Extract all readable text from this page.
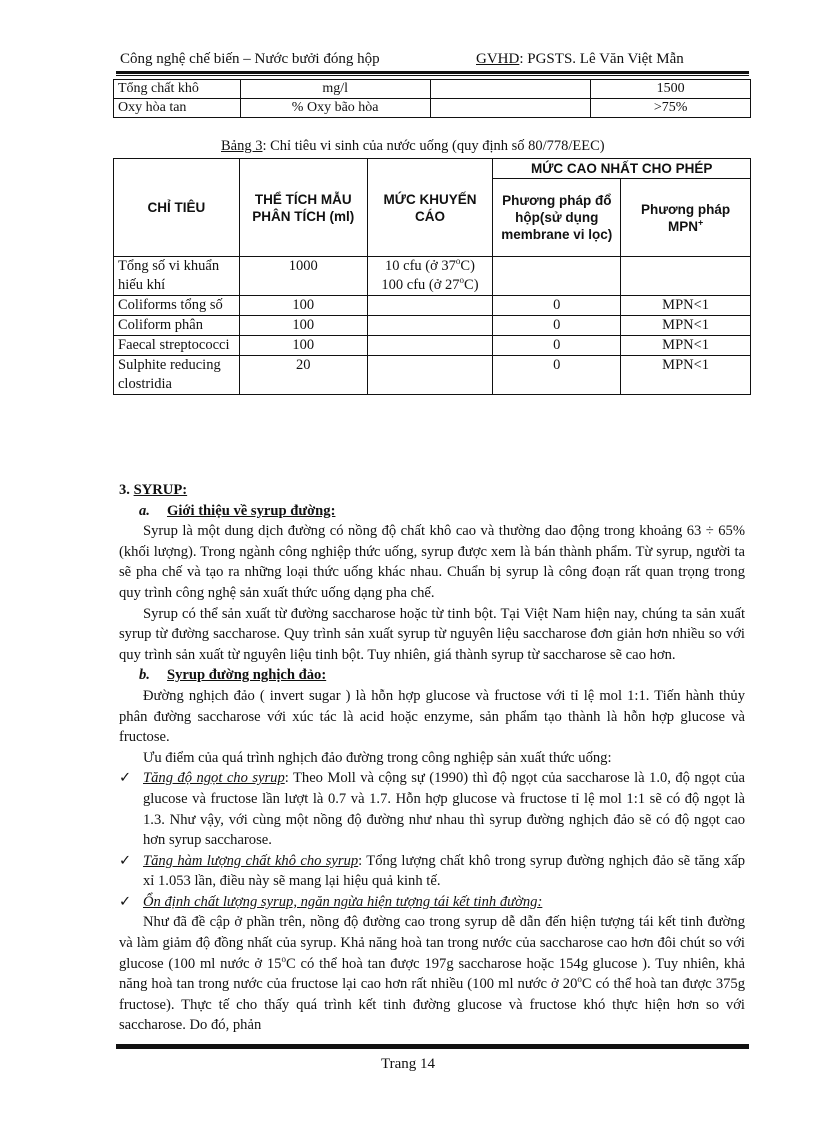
Công nghệ chế biến – Nước bưởi đóng hộp	GVHD: PGSTS. Lê Văn Việt Mẫn
Tổng chất khô	mg/l		1500
Oxy hòa tan	% Oxy bão hòa		>75%
Bảng 3: Chỉ tiêu vi sinh của nước uống (quy định số 80/778/EEC)
CHỈ TIÊU	THỂ TÍCH MẪU PHÂN TÍCH (ml)	MỨC KHUYẾN CÁO	MỨC CAO NHẤT CHO PHÉP	
			Phương pháp đổ hộp(sử dụng membrane vi lọc)	Phương pháp MPN+
Tổng số vi khuẩn hiếu khí	1000	10 cfu (ở 37$^o$C)
100 cfu (ở 27$^o$C)		

Coliforms tổng số	100		0	MPN<1
Coliform phân	100		0	MPN<1
Faecal streptococci	100		0	MPN<1
Sulphite reducing clostridia	20		0	MPN<1

3. SYRUP:

a. Giới thiệu về syrup đường:

Syrup là một dung dịch đường có nồng độ chất khô cao và thường dao động trong khoảng 63 ÷ 65% (khối lượng). Trong ngành công nghiệp thức uống, syrup được xem là bán thành phẩm. Từ syrup, người ta sẽ pha chế và tạo ra những loại thức uống khác nhau. Chuẩn bị syrup là công đoạn rất quan trọng trong quy trình công nghệ sản xuất thức uống dạng pha chế.

Syrup có thể sản xuất từ đường saccharose hoặc từ tinh bột. Tại Việt Nam hiện nay, chúng ta sản xuất syrup từ đường saccharose. Quy trình sản xuất syrup từ nguyên liệu saccharose đơn giản hơn nhiều so với quy trình sản xuất từ nguyên liệu tinh bột. Tuy nhiên, giá thành syrup từ saccharose sẽ cao hơn.

b. Syrup đường nghịch đảo:

Đường nghịch đảo ( invert sugar ) là hỗn hợp glucose và fructose với tỉ lệ mol 1:1. Tiến hành thủy phân đường saccharose với xúc tác là acid hoặc enzyme, sản phẩm tạo thành là hỗn hợp glucose và fructose.

Ưu điểm của quá trình nghịch đảo đường trong công nghiệp sản xuất thức uống:

✓ Tăng độ ngọt cho syrup: Theo Moll và cộng sự (1990) thì độ ngọt của saccharose là 1.0, độ ngọt của glucose và fructose lần lượt là 0.7 và 1.7. Hỗn hợp glucose và fructose tỉ lệ mol 1:1 sẽ có độ ngọt là 1.3. Như vậy, với cùng một nồng độ đường như nhau thì syrup đường nghịch đảo sẽ có độ ngọt cao hơn syrup saccharose.

✓ Tăng hàm lượng chất khô cho syrup: Tổng lượng chất khô trong syrup đường nghịch đảo sẽ tăng xấp xỉ 1.053 lần, điều này sẽ mang lại hiệu quả kinh tế.

✓ Ổn định chất lượng syrup, ngăn ngừa hiện tượng tái kết tinh đường:

Như đã đề cập ở phần trên, nồng độ đường cao trong syrup dễ dẫn đến hiện tượng tái kết tinh đường và làm giảm độ đồng nhất của syrup. Khả năng hoà tan trong nước của saccharose cao hơn đôi chút so với glucose (100 ml nước ở 15$^o$C có thể hoà tan được 197g saccharose hoặc 154g glucose ). Tuy nhiên, khả năng hoà tan trong nước của fructose lại cao hơn rất nhiều (100 ml nước ở 20$^o$C có thể hoà tan được 375g fructose). Thực tế cho thấy quá trình kết tinh đường glucose và fructose khó thực hiện hơn so với saccharose. Do đó, phản

Trang 14
